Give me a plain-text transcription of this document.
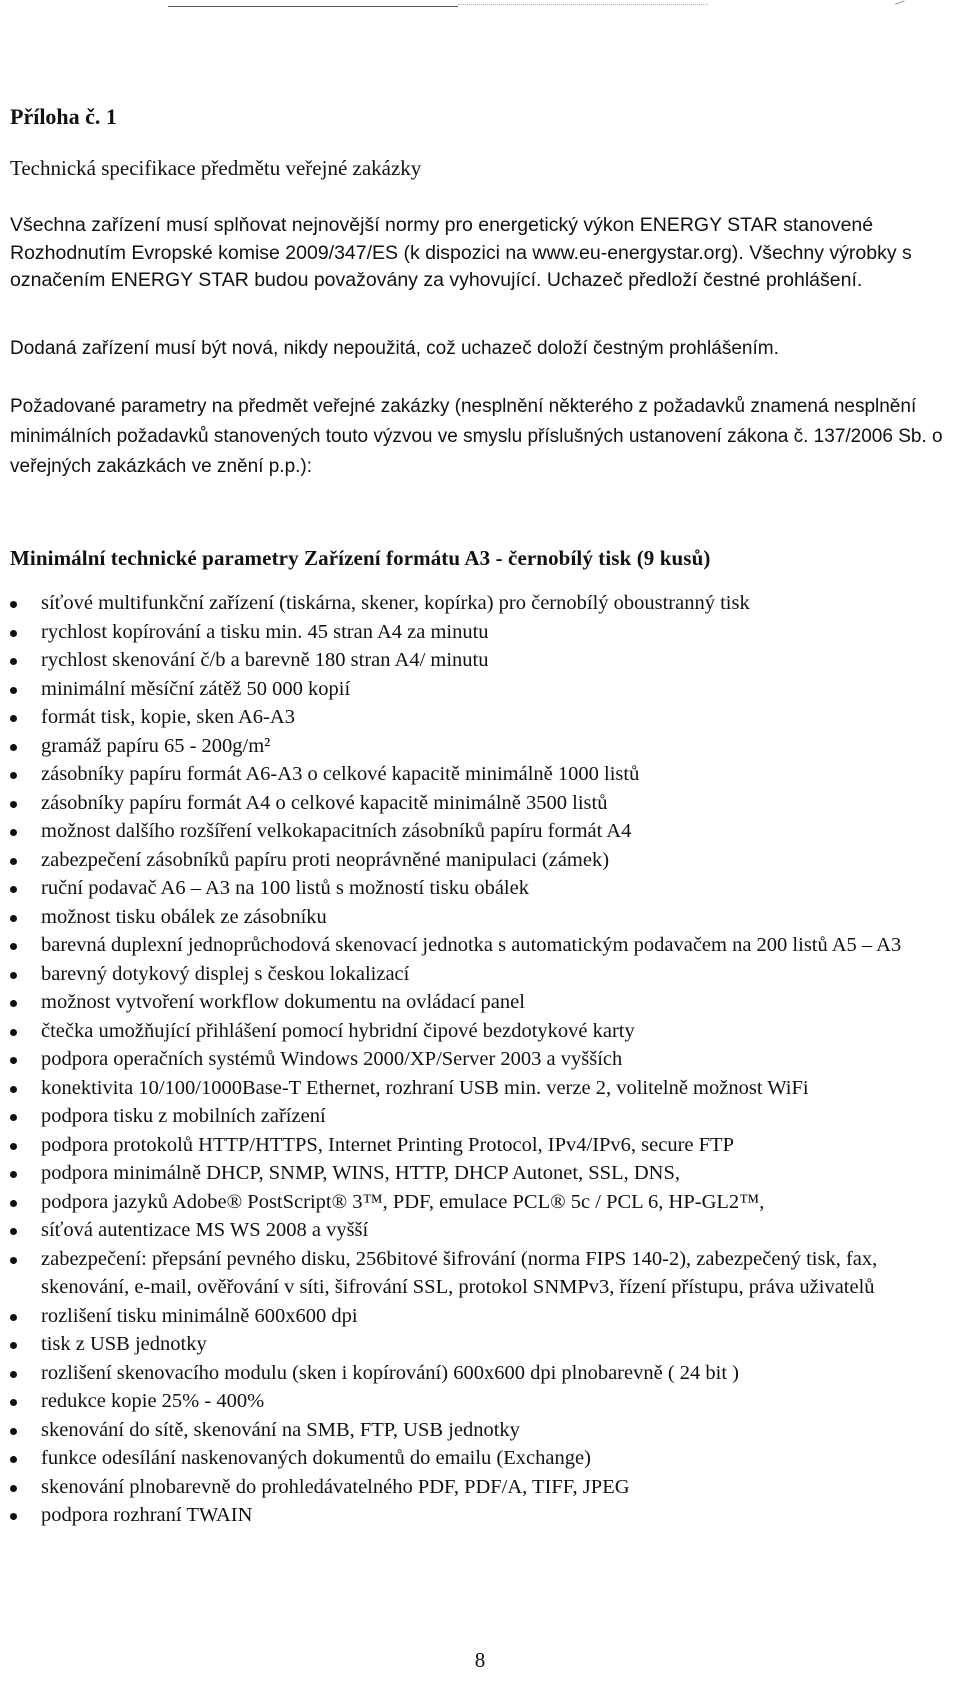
Příloha č. 1
Technická specifikace předmětu veřejné zakázky
Všechna zařízení musí splňovat nejnovější normy pro energetický výkon ENERGY STAR stanovené Rozhodnutím Evropské komise 2009/347/ES (k dispozici na www.eu-energystar.org). Všechny výrobky s označením ENERGY STAR budou považovány za vyhovující. Uchazeč předloží čestné prohlášení.
Dodaná zařízení musí být nová, nikdy nepoužitá, což uchazeč doloží čestným prohlášením.
Požadované parametry na předmět veřejné zakázky (nesplnění některého z požadavků znamená nesplnění minimálních požadavků stanovených touto výzvou ve smyslu příslušných ustanovení zákona č. 137/2006 Sb. o veřejných zakázkách ve znění p.p.):
Minimální technické parametry Zařízení formátu A3 - černobílý tisk (9 kusů)
síťové multifunkční zařízení (tiskárna, skener, kopírka) pro černobílý oboustranný tisk
rychlost kopírování a tisku min. 45 stran A4 za minutu
rychlost skenování č/b a barevně 180 stran A4/ minutu
minimální měsíční zátěž 50 000 kopií
formát tisk, kopie, sken A6-A3
gramáž papíru 65 - 200g/m²
zásobníky papíru formát A6-A3 o celkové kapacitě minimálně 1000 listů
zásobníky papíru formát A4 o celkové kapacitě minimálně 3500 listů
možnost dalšího rozšíření velkokapacitních zásobníků papíru formát A4
zabezpečení zásobníků papíru proti neoprávněné manipulaci (zámek)
ruční podavač A6 – A3 na 100 listů s možností tisku obálek
možnost tisku obálek ze zásobníku
barevná duplexní jednoprůchodová skenovací jednotka s automatickým podavačem na 200 listů A5 – A3
barevný dotykový displej s českou lokalizací
možnost vytvoření workflow dokumentu na ovládací panel
čtečka umožňující přihlášení pomocí hybridní čipové bezdotykové karty
podpora operačních systémů Windows 2000/XP/Server 2003 a vyšších
konektivita 10/100/1000Base-T Ethernet, rozhraní USB min. verze 2, volitelně možnost WiFi
podpora tisku z mobilních zařízení
podpora protokolů HTTP/HTTPS, Internet Printing Protocol, IPv4/IPv6, secure FTP
podpora minimálně DHCP, SNMP, WINS, HTTP, DHCP Autonet, SSL, DNS,
podpora jazyků Adobe® PostScript® 3™, PDF, emulace PCL® 5c / PCL 6, HP-GL2™,
síťová autentizace MS WS 2008 a vyšší
zabezpečení: přepsání pevného disku, 256bitové šifrování (norma FIPS 140-2), zabezpečený tisk, fax, skenování, e-mail, ověřování v síti, šifrování SSL, protokol SNMPv3, řízení přístupu, práva uživatelů
rozlišení tisku minimálně 600x600 dpi
tisk z USB jednotky
rozlišení skenovacího modulu (sken i kopírování) 600x600 dpi plnobarevně ( 24 bit )
redukce kopie 25% - 400%
skenování do sítě, skenování na SMB, FTP, USB jednotky
funkce odesílání naskenovaných dokumentů do emailu (Exchange)
skenování plnobarevně do prohledávatelného PDF, PDF/A, TIFF, JPEG
podpora rozhraní TWAIN
8
